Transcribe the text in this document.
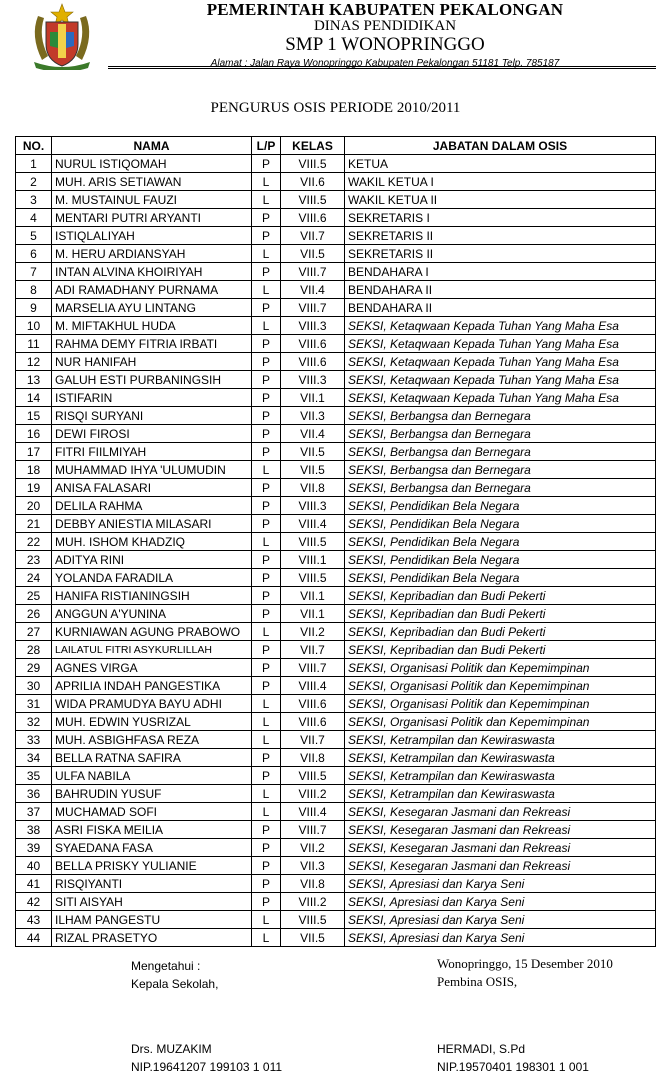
PEMERINTAH KABUPATEN PEKALONGAN
DINAS PENDIDIKAN
SMP 1 WONOPRINGGO
Alamat : Jalan Raya Wonopringgo Kabupaten Pekalongan 51181 Telp. 785187
PENGURUS OSIS PERIODE 2010/2011
NO.	NAMA	L/P	KELAS	JABATAN DALAM OSIS
1	NURUL ISTIQOMAH	P	VIII.5	KETUA
2	MUH. ARIS SETIAWAN	L	VII.6	WAKIL KETUA I
3	M. MUSTAINUL FAUZI	L	VIII.5	WAKIL KETUA II
4	MENTARI PUTRI ARYANTI	P	VIII.6	SEKRETARIS I
5	ISTIQLALIYAH	P	VII.7	SEKRETARIS II
6	M. HERU ARDIANSYAH	L	VII.5	SEKRETARIS II
7	INTAN ALVINA KHOIRIYAH	P	VIII.7	BENDAHARA I
8	ADI RAMADHANY PURNAMA	L	VII.4	BENDAHARA II
9	MARSELIA AYU LINTANG	P	VIII.7	BENDAHARA II
10	M. MIFTAKHUL HUDA	L	VIII.3	SEKSI, Ketaqwaan Kepada Tuhan Yang Maha Esa
11	RAHMA DEMY FITRIA IRBATI	P	VIII.6	SEKSI, Ketaqwaan Kepada Tuhan Yang Maha Esa
12	NUR HANIFAH	P	VIII.6	SEKSI, Ketaqwaan Kepada Tuhan Yang Maha Esa
13	GALUH ESTI PURBANINGSIH	P	VIII.3	SEKSI, Ketaqwaan Kepada Tuhan Yang Maha Esa
14	ISTIFARIN	P	VII.1	SEKSI, Ketaqwaan Kepada Tuhan Yang Maha Esa
15	RISQI SURYANI	P	VII.3	SEKSI, Berbangsa dan Bernegara
16	DEWI FIROSI	P	VII.4	SEKSI, Berbangsa dan Bernegara
17	FITRI FIILMIYAH	P	VII.5	SEKSI, Berbangsa dan Bernegara
18	MUHAMMAD IHYA 'ULUMUDIN	L	VII.5	SEKSI, Berbangsa dan Bernegara
19	ANISA FALASARI	P	VII.8	SEKSI, Berbangsa dan Bernegara
20	DELILA RAHMA	P	VIII.3	SEKSI, Pendidikan Bela Negara
21	DEBBY ANIESTIA MILASARI	P	VIII.4	SEKSI, Pendidikan Bela Negara
22	MUH. ISHOM KHADZIQ	L	VIII.5	SEKSI, Pendidikan Bela Negara
23	ADITYA RINI	P	VIII.1	SEKSI, Pendidikan Bela Negara
24	YOLANDA FARADILA	P	VIII.5	SEKSI, Pendidikan Bela Negara
25	HANIFA RISTIANINGSIH	P	VII.1	SEKSI, Kepribadian dan Budi Pekerti
26	ANGGUN A'YUNINA	P	VII.1	SEKSI, Kepribadian dan Budi Pekerti
27	KURNIAWAN AGUNG PRABOWO	L	VII.2	SEKSI, Kepribadian dan Budi Pekerti
28	LAILATUL FITRI ASYKURLILLAH	P	VII.7	SEKSI, Kepribadian dan Budi Pekerti
29	AGNES VIRGA	P	VIII.7	SEKSI, Organisasi Politik dan Kepemimpinan
30	APRILIA INDAH PANGESTIKA	P	VIII.4	SEKSI, Organisasi Politik dan Kepemimpinan
31	WIDA PRAMUDYA BAYU ADHI	L	VIII.6	SEKSI, Organisasi Politik dan Kepemimpinan
32	MUH. EDWIN YUSRIZAL	L	VIII.6	SEKSI, Organisasi Politik dan Kepemimpinan
33	MUH. ASBIGHFASA REZA	L	VII.7	SEKSI, Ketrampilan dan Kewiraswasta
34	BELLA RATNA SAFIRA	P	VII.8	SEKSI, Ketrampilan dan Kewiraswasta
35	ULFA NABILA	P	VIII.5	SEKSI, Ketrampilan dan Kewiraswasta
36	BAHRUDIN YUSUF	L	VIII.2	SEKSI, Ketrampilan dan Kewiraswasta
37	MUCHAMAD SOFI	L	VIII.4	SEKSI, Kesegaran Jasmani dan Rekreasi
38	ASRI FISKA MEILIA	P	VIII.7	SEKSI, Kesegaran Jasmani dan Rekreasi
39	SYAEDANA FASA	P	VII.2	SEKSI, Kesegaran Jasmani dan Rekreasi
40	BELLA PRISKY YULIANIE	P	VII.3	SEKSI, Kesegaran Jasmani dan Rekreasi
41	RISQIYANTI	P	VII.8	SEKSI, Apresiasi dan Karya Seni
42	SITI AISYAH	P	VIII.2	SEKSI, Apresiasi dan Karya Seni
43	ILHAM PANGESTU	L	VIII.5	SEKSI, Apresiasi dan Karya Seni
44	RIZAL PRASETYO	L	VII.5	SEKSI, Apresiasi dan Karya Seni
Mengetahui :
Kepala Sekolah,
Drs. MUZAKIM
NIP.19641207 199103 1 011
Wonopringgo, 15 Desember 2010
Pembina OSIS,
HERMADI, S.Pd
NIP.19570401 198301 1 001
